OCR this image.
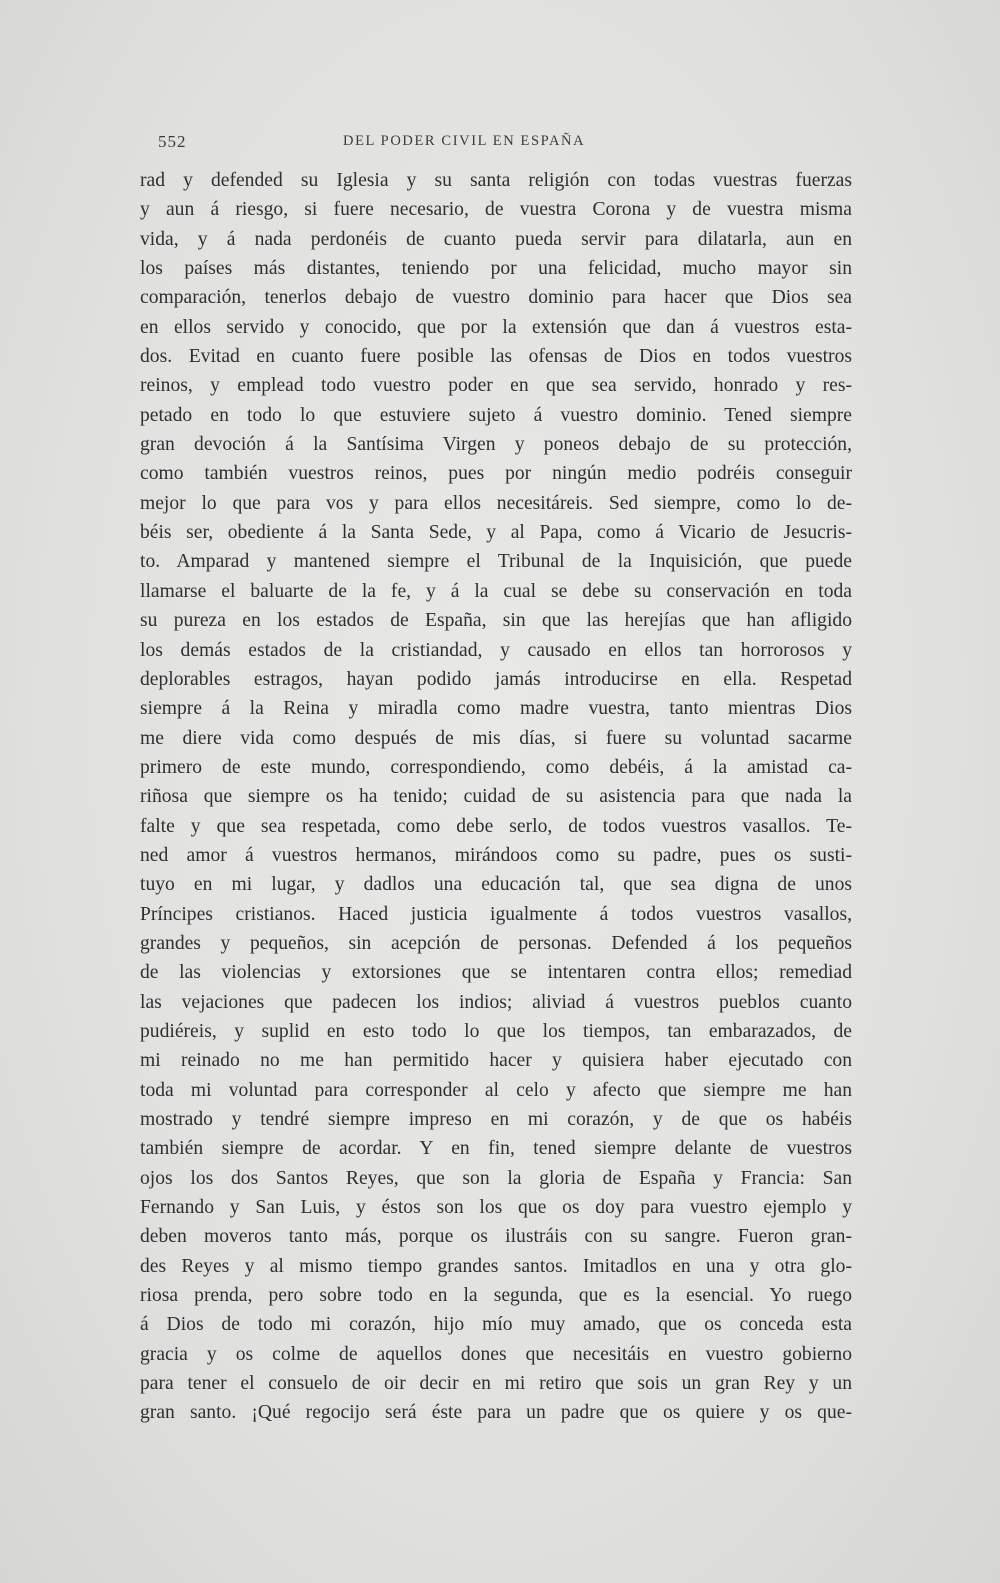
552	DEL PODER CIVIL EN ESPAÑA
rad y defended su Iglesia y su santa religión con todas vuestras fuerzas
y aun á riesgo, si fuere necesario, de vuestra Corona y de vuestra misma
vida, y á nada perdonéis de cuanto pueda servir para dilatarla, aun en
los países más distantes, teniendo por una felicidad, mucho mayor sin
comparación, tenerlos debajo de vuestro dominio para hacer que Dios sea
en ellos servido y conocido, que por la extensión que dan á vuestros esta-
dos. Evitad en cuanto fuere posible las ofensas de Dios en todos vuestros
reinos, y emplead todo vuestro poder en que sea servido, honrado y res-
petado en todo lo que estuviere sujeto á vuestro dominio. Tened siempre
gran devoción á la Santísima Virgen y poneos debajo de su protección,
como también vuestros reinos, pues por ningún medio podréis conseguir
mejor lo que para vos y para ellos necesitáreis. Sed siempre, como lo de-
béis ser, obediente á la Santa Sede, y al Papa, como á Vicario de Jesucris-
to. Amparad y mantened siempre el Tribunal de la Inquisición, que puede
llamarse el baluarte de la fe, y á la cual se debe su conservación en toda
su pureza en los estados de España, sin que las herejías que han afligido
los demás estados de la cristiandad, y causado en ellos tan horrorosos y
deplorables estragos, hayan podido jamás introducirse en ella. Respetad
siempre á la Reina y miradla como madre vuestra, tanto mientras Dios
me diere vida como después de mis días, si fuere su voluntad sacarme
primero de este mundo, correspondiendo, como debéis, á la amistad ca-
riñosa que siempre os ha tenido; cuidad de su asistencia para que nada la
falte y que sea respetada, como debe serlo, de todos vuestros vasallos. Te-
ned amor á vuestros hermanos, mirándoos como su padre, pues os susti-
tuyo en mi lugar, y dadlos una educación tal, que sea digna de unos
Príncipes cristianos. Haced justicia igualmente á todos vuestros vasallos,
grandes y pequeños, sin acepción de personas. Defended á los pequeños
de las violencias y extorsiones que se intentaren contra ellos; remediad
las vejaciones que padecen los indios; aliviad á vuestros pueblos cuanto
pudiéreis, y suplid en esto todo lo que los tiempos, tan embarazados, de
mi reinado no me han permitido hacer y quisiera haber ejecutado con
toda mi voluntad para corresponder al celo y afecto que siempre me han
mostrado y tendré siempre impreso en mi corazón, y de que os habéis
también siempre de acordar. Y en fin, tened siempre delante de vuestros
ojos los dos Santos Reyes, que son la gloria de España y Francia: San
Fernando y San Luis, y éstos son los que os doy para vuestro ejemplo y
deben moveros tanto más, porque os ilustráis con su sangre. Fueron gran-
des Reyes y al mismo tiempo grandes santos. Imitadlos en una y otra glo-
riosa prenda, pero sobre todo en la segunda, que es la esencial. Yo ruego
á Dios de todo mi corazón, hijo mío muy amado, que os conceda esta
gracia y os colme de aquellos dones que necesitáis en vuestro gobierno
para tener el consuelo de oir decir en mi retiro que sois un gran Rey y un
gran santo. ¡Qué regocijo será éste para un padre que os quiere y os que-
